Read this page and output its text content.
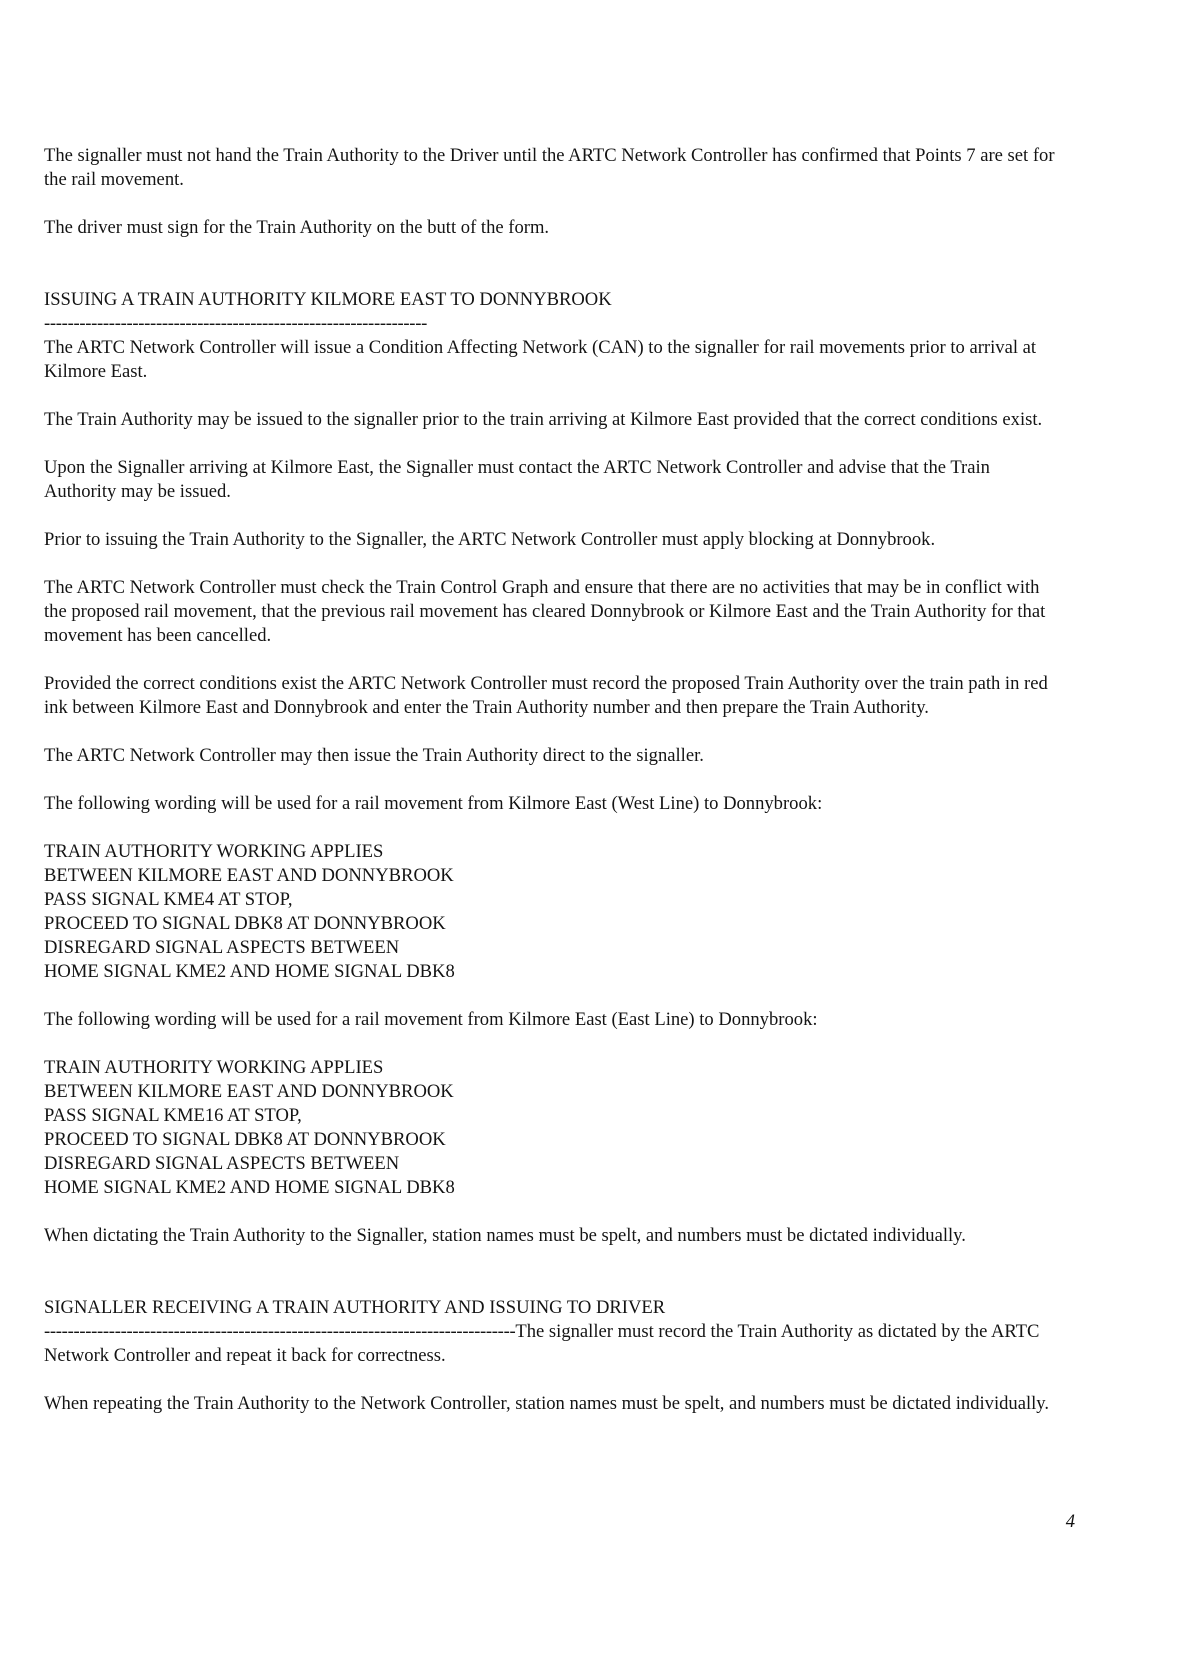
The signaller must not hand the Train Authority to the Driver until the ARTC Network Controller has confirmed that Points 7 are set for the rail movement.

The driver must sign for the Train Authority on the butt of the form.

ISSUING A TRAIN AUTHORITY KILMORE EAST TO DONNYBROOK

-----------------------------------------------------------------

The ARTC Network Controller will issue a Condition Affecting Network (CAN) to the signaller for rail movements prior to arrival at Kilmore East.

The Train Authority may be issued to the signaller prior to the train arriving at Kilmore East provided that the correct conditions exist.

Upon the Signaller arriving at Kilmore East, the Signaller must contact the ARTC Network Controller and advise that the Train Authority may be issued.

Prior to issuing the Train Authority to the Signaller, the ARTC Network Controller must apply blocking at Donnybrook.

The ARTC Network Controller must check the Train Control Graph and ensure that there are no activities that may be in conflict with the proposed rail movement, that the previous rail movement has cleared Donnybrook or Kilmore East and the Train Authority for that movement has been cancelled.

Provided the correct conditions exist the ARTC Network Controller must record the proposed Train Authority over the train path in red ink between Kilmore East and Donnybrook and enter the Train Authority number and then prepare the Train Authority.

The ARTC Network Controller may then issue the Train Authority direct to the signaller.

The following wording will be used for a rail movement from Kilmore East (West Line) to Donnybrook:

TRAIN AUTHORITY WORKING APPLIES
BETWEEN KILMORE EAST AND DONNYBROOK
PASS SIGNAL KME4 AT STOP,
PROCEED TO SIGNAL DBK8 AT DONNYBROOK
DISREGARD SIGNAL ASPECTS BETWEEN
HOME SIGNAL KME2 AND HOME SIGNAL DBK8

The following wording will be used for a rail movement from Kilmore East (East Line) to Donnybrook:

TRAIN AUTHORITY WORKING APPLIES
BETWEEN KILMORE EAST AND DONNYBROOK
PASS SIGNAL KME16 AT STOP,
PROCEED TO SIGNAL DBK8 AT DONNYBROOK
DISREGARD SIGNAL ASPECTS BETWEEN
HOME SIGNAL KME2 AND HOME SIGNAL DBK8

When dictating the Train Authority to the Signaller, station names must be spelt, and numbers must be dictated individually.

SIGNALLER RECEIVING A TRAIN AUTHORITY AND ISSUING TO DRIVER

--------------------------------------------------------------------------------The signaller must record the Train Authority as dictated by the ARTC Network Controller and repeat it back for correctness.

When repeating the Train Authority to the Network Controller, station names must be spelt, and numbers must be dictated individually.

4
